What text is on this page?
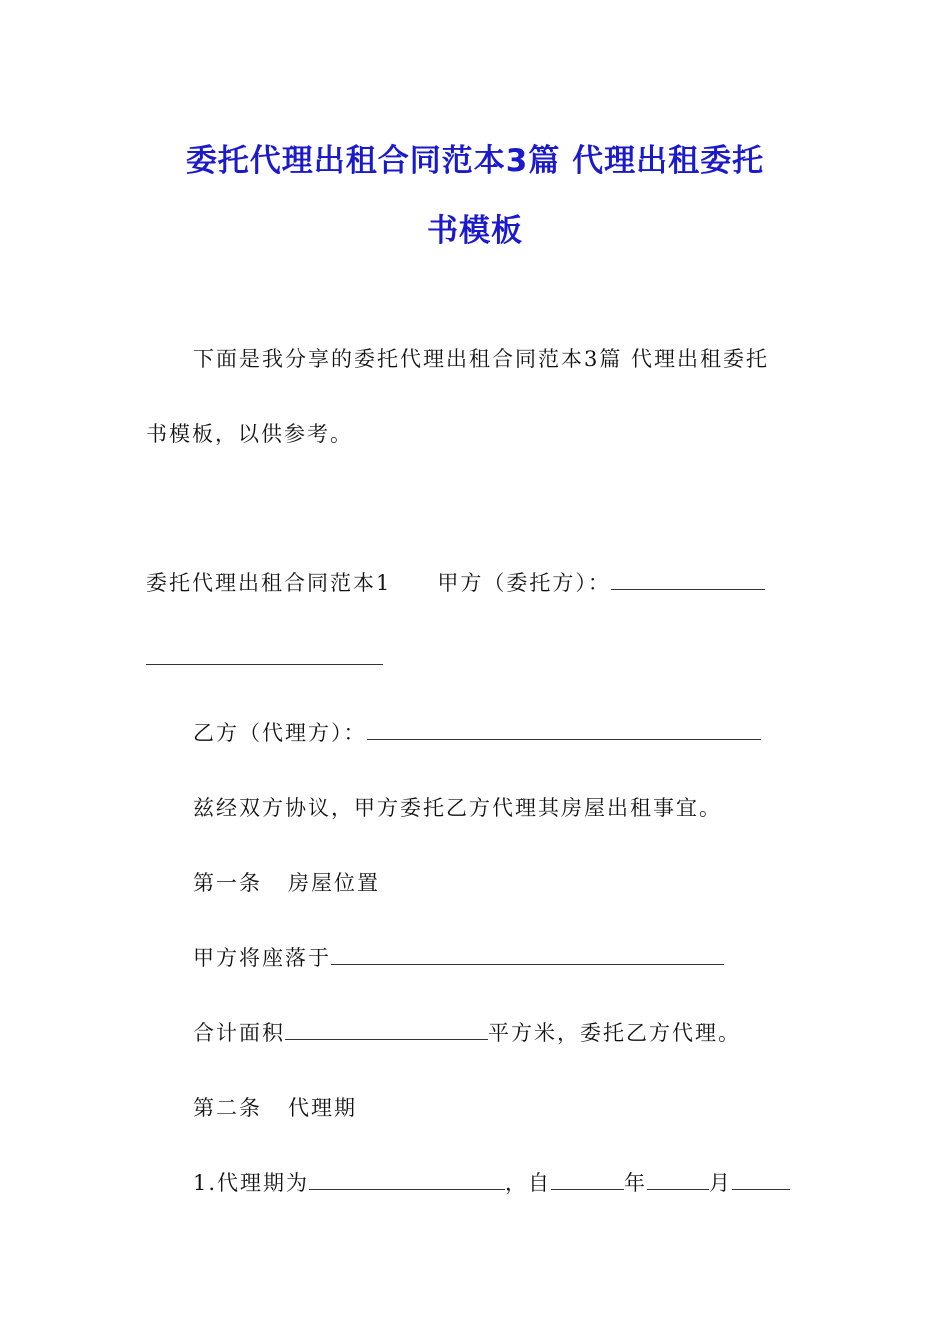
委托代理出租合同范本3篇 代理出租委托
书模板
下面是我分享的委托代理出租合同范本3篇 代理出租委托
书模板，以供参考。
委托代理出租合同范本1 甲方（委托方）：
乙方（代理方）：
兹经双方协议，甲方委托乙方代理其房屋出租事宜。
第一条   房屋位置
甲方将座落于
合计面积	平方米，委托乙方代理。
第二条   代理期
1.代理期为	，自	年	月
